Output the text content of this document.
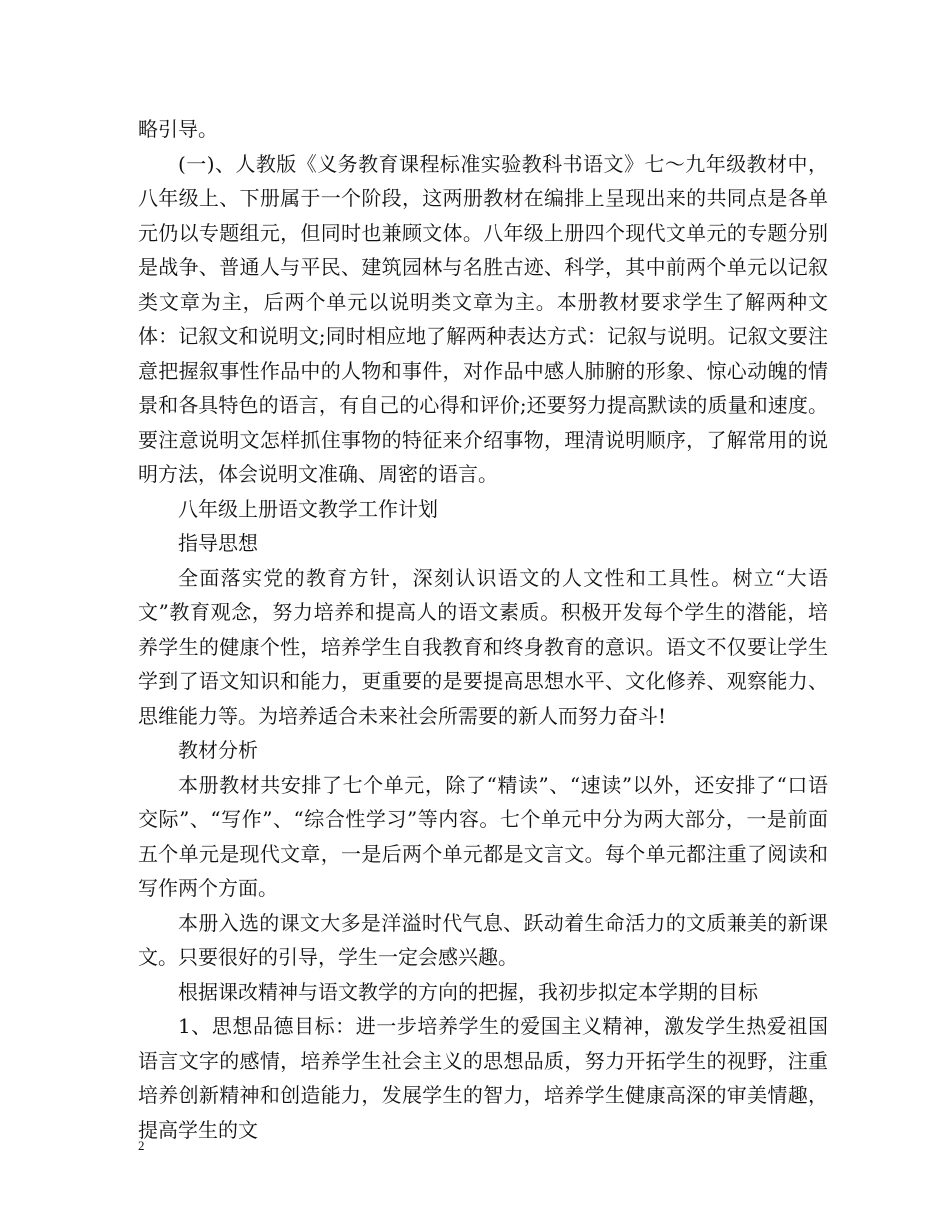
略引导。

(一)、人教版《义务教育课程标准实验教科书语文》七～九年级教材中，八年级上、下册属于一个阶段，这两册教材在编排上呈现出来的共同点是各单元仍以专题组元，但同时也兼顾文体。八年级上册四个现代文单元的专题分别是战争、普通人与平民、建筑园林与名胜古迹、科学，其中前两个单元以记叙类文章为主，后两个单元以说明类文章为主。本册教材要求学生了解两种文体：记叙文和说明文;同时相应地了解两种表达方式：记叙与说明。记叙文要注意把握叙事性作品中的人物和事件，对作品中感人肺腑的形象、惊心动魄的情景和各具特色的语言，有自己的心得和评价;还要努力提高默读的质量和速度。要注意说明文怎样抓住事物的特征来介绍事物，理清说明顺序，了解常用的说明方法，体会说明文准确、周密的语言。

八年级上册语文教学工作计划

指导思想

全面落实党的教育方针，深刻认识语文的人文性和工具性。树立“大语文”教育观念，努力培养和提高人的语文素质。积极开发每个学生的潜能，培养学生的健康个性，培养学生自我教育和终身教育的意识。语文不仅要让学生学到了语文知识和能力，更重要的是要提高思想水平、文化修养、观察能力、思维能力等。为培养适合未来社会所需要的新人而努力奋斗!

教材分析

本册教材共安排了七个单元，除了“精读”、“速读”以外，还安排了“口语交际”、“写作”、“综合性学习”等内容。七个单元中分为两大部分，一是前面五个单元是现代文章，一是后两个单元都是文言文。每个单元都注重了阅读和写作两个方面。

本册入选的课文大多是洋溢时代气息、跃动着生命活力的文质兼美的新课文。只要很好的引导，学生一定会感兴趣。

根据课改精神与语文教学的方向的把握，我初步拟定本学期的目标

1、思想品德目标：进一步培养学生的爱国主义精神，激发学生热爱祖国语言文字的感情，培养学生社会主义的思想品质，努力开拓学生的视野，注重培养创新精神和创造能力，发展学生的智力，培养学生健康高深的审美情趣，提高学生的文

2
